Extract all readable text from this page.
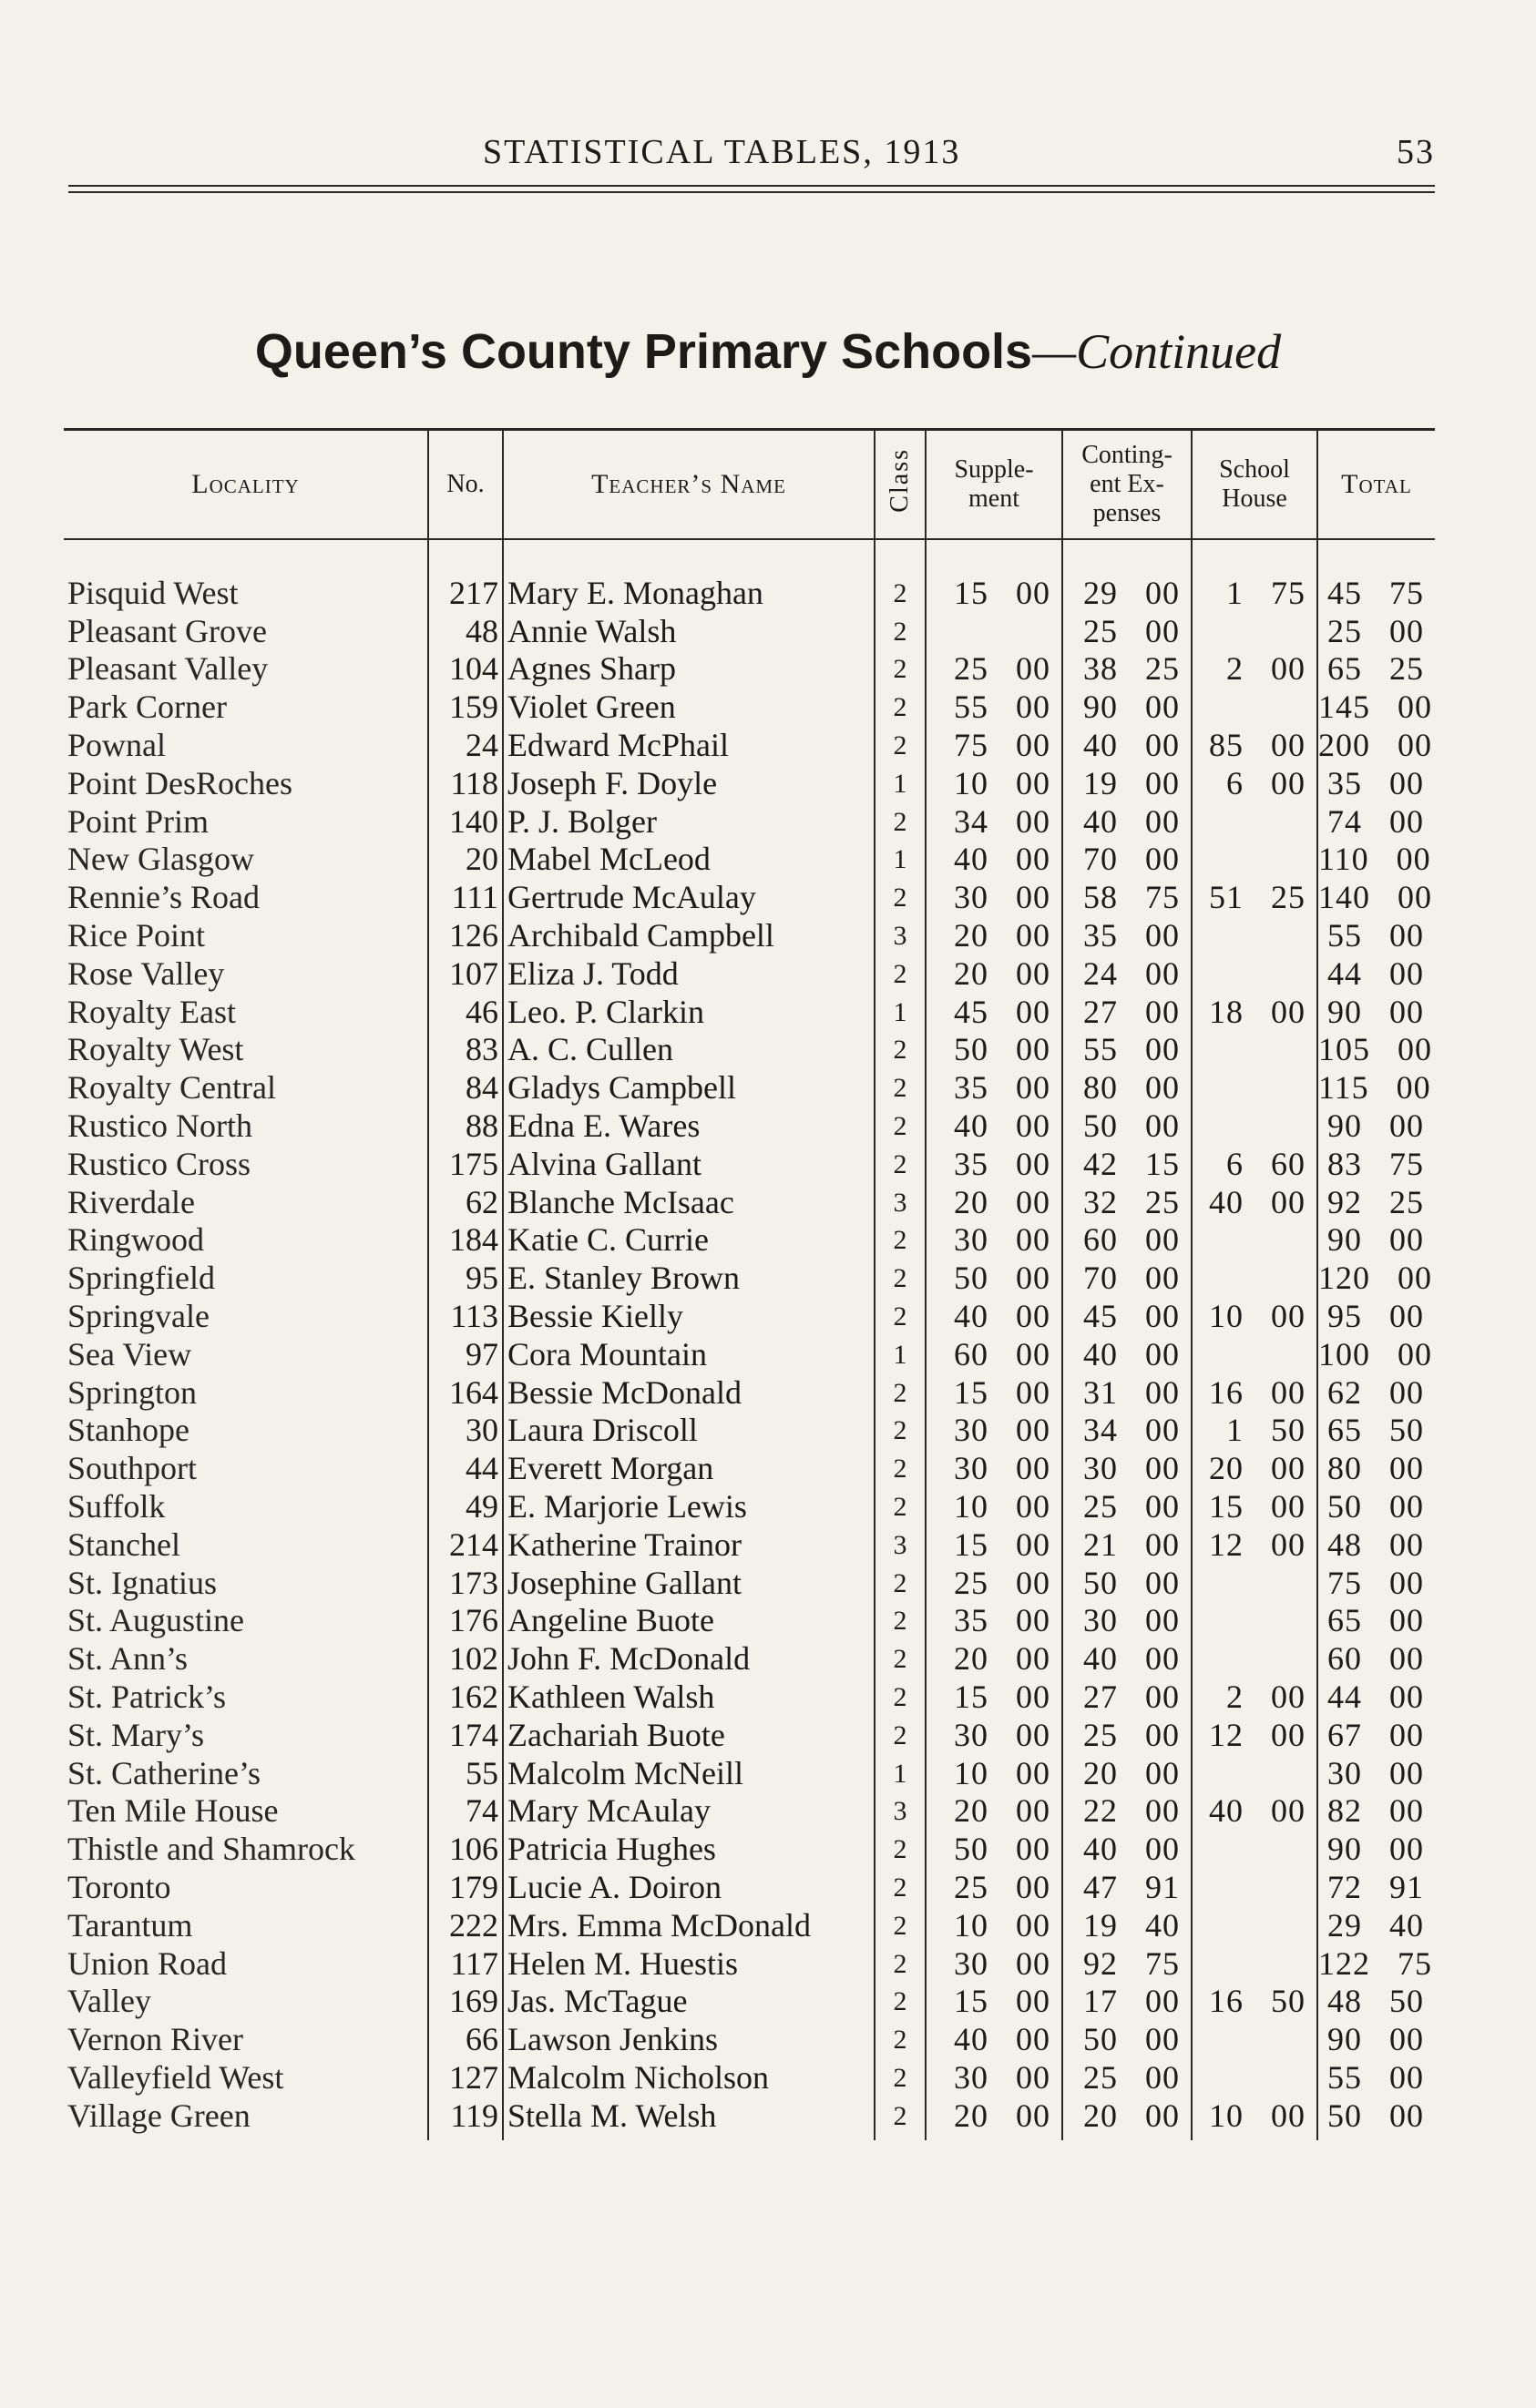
STATISTICAL TABLES, 1913	53
Queen’s County Primary Schools—Continued
Locality	No.	Teacher’s Name	Class	Supple-
ment	Conting-
ent Ex-
penses	School
House	Total

Pisquid West	217	Mary E. Monaghan	2	15 00	29 00	1 75	45 75
Pleasant Grove	48	Annie Walsh	2		25 00		25 00
Pleasant Valley	104	Agnes Sharp	2	25 00	38 25	2 00	65 25
Park Corner	159	Violet Green	2	55 00	90 00		145 00
Pownal	24	Edward McPhail	2	75 00	40 00	85 00	200 00
Point DesRoches	118	Joseph F. Doyle	1	10 00	19 00	6 00	35 00
Point Prim	140	P. J. Bolger	2	34 00	40 00		74 00
New Glasgow	20	Mabel McLeod	1	40 00	70 00		110 00
Rennie’s Road	111	Gertrude McAulay	2	30 00	58 75	51 25	140 00
Rice Point	126	Archibald Campbell	3	20 00	35 00		55 00
Rose Valley	107	Eliza J. Todd	2	20 00	24 00		44 00
Royalty East	46	Leo. P. Clarkin	1	45 00	27 00	18 00	90 00
Royalty West	83	A. C. Cullen	2	50 00	55 00		105 00
Royalty Central	84	Gladys Campbell	2	35 00	80 00		115 00
Rustico North	88	Edna E. Wares	2	40 00	50 00		90 00
Rustico Cross	175	Alvina Gallant	2	35 00	42 15	6 60	83 75
Riverdale	62	Blanche McIsaac	3	20 00	32 25	40 00	92 25
Ringwood	184	Katie C. Currie	2	30 00	60 00		90 00
Springfield	95	E. Stanley Brown	2	50 00	70 00		120 00
Springvale	113	Bessie Kielly	2	40 00	45 00	10 00	95 00
Sea View	97	Cora Mountain	1	60 00	40 00		100 00
Springton	164	Bessie McDonald	2	15 00	31 00	16 00	62 00
Stanhope	30	Laura Driscoll	2	30 00	34 00	1 50	65 50
Southport	44	Everett Morgan	2	30 00	30 00	20 00	80 00
Suffolk	49	E. Marjorie Lewis	2	10 00	25 00	15 00	50 00
Stanchel	214	Katherine Trainor	3	15 00	21 00	12 00	48 00
St. Ignatius	173	Josephine Gallant	2	25 00	50 00		75 00
St. Augustine	176	Angeline Buote	2	35 00	30 00		65 00
St. Ann’s	102	John F. McDonald	2	20 00	40 00		60 00
St. Patrick’s	162	Kathleen Walsh	2	15 00	27 00	2 00	44 00
St. Mary’s	174	Zachariah Buote	2	30 00	25 00	12 00	67 00
St. Catherine’s	55	Malcolm McNeill	1	10 00	20 00		30 00
Ten Mile House	74	Mary McAulay	3	20 00	22 00	40 00	82 00
Thistle and Shamrock	106	Patricia Hughes	2	50 00	40 00		90 00
Toronto	179	Lucie A. Doiron	2	25 00	47 91		72 91
Tarantum	222	Mrs. Emma McDonald	2	10 00	19 40		29 40
Union Road	117	Helen M. Huestis	2	30 00	92 75		122 75
Valley	169	Jas. McTague	2	15 00	17 00	16 50	48 50
Vernon River	66	Lawson Jenkins	2	40 00	50 00		90 00
Valleyfield West	127	Malcolm Nicholson	2	30 00	25 00		55 00
Village Green	119	Stella M. Welsh	2	20 00	20 00	10 00	50 00
